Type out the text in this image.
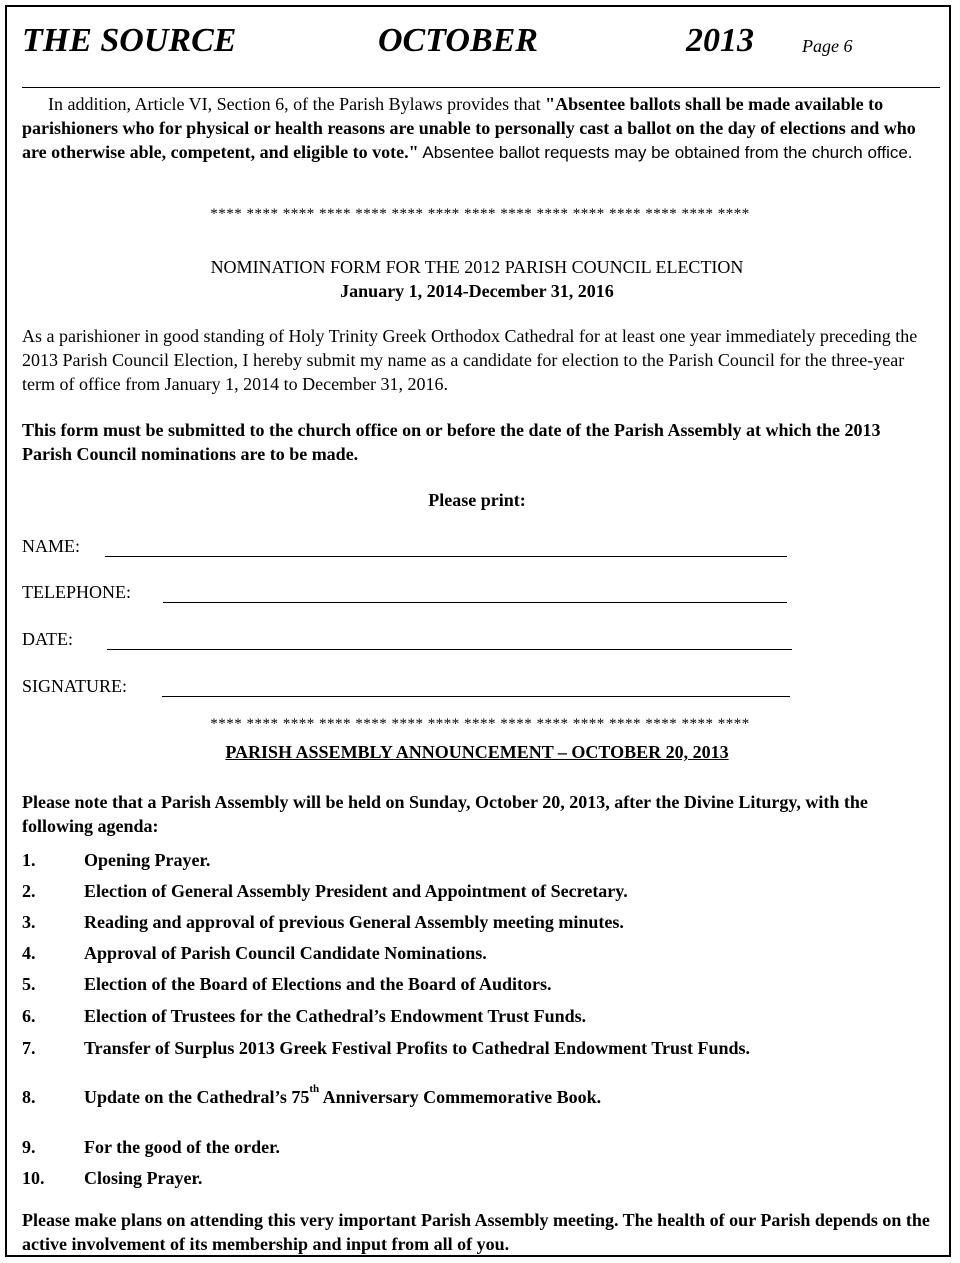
THE SOURCE	OCTOBER	2013	Page 6
In addition, Article VI, Section 6, of the Parish Bylaws provides that "Absentee ballots shall be made available to parishioners who for physical or health reasons are unable to personally cast a ballot on the day of elections and who are otherwise able, competent, and eligible to vote." Absentee ballot requests may be obtained from the church office.
**** **** **** **** **** **** **** **** **** **** **** **** **** **** ****
NOMINATION FORM FOR THE 2012 PARISH COUNCIL ELECTION
January 1, 2014-December 31, 2016
As a parishioner in good standing of Holy Trinity Greek Orthodox Cathedral for at least one year immediately preceding the 2013 Parish Council Election, I hereby submit my name as a candidate for election to the Parish Council for the three-year term of office from January 1, 2014 to December 31, 2016.
This form must be submitted to the church office on or before the date of the Parish Assembly at which the 2013 Parish Council nominations are to be made.
Please print:
NAME:
TELEPHONE:
DATE:
SIGNATURE:
**** **** **** **** **** **** **** **** **** **** **** **** **** **** ****
PARISH ASSEMBLY ANNOUNCEMENT – OCTOBER 20, 2013
Please note that a Parish Assembly will be held on Sunday, October 20, 2013, after the Divine Liturgy, with the following agenda:
1.	Opening Prayer.
2.	Election of General Assembly President and Appointment of Secretary.
3.	Reading and approval of previous General Assembly meeting minutes.
4.	Approval of Parish Council Candidate Nominations.
5.	Election of the Board of Elections and the Board of Auditors.
6.	Election of Trustees for the Cathedral’s Endowment Trust Funds.
7.	Transfer of Surplus 2013 Greek Festival Profits to Cathedral Endowment Trust Funds.
8.	Update on the Cathedral’s 75th Anniversary Commemorative Book.
9.	For the good of the order.
10. Closing Prayer.
Please make plans on attending this very important Parish Assembly meeting. The health of our Parish depends on the active involvement of its membership and input from all of you.
